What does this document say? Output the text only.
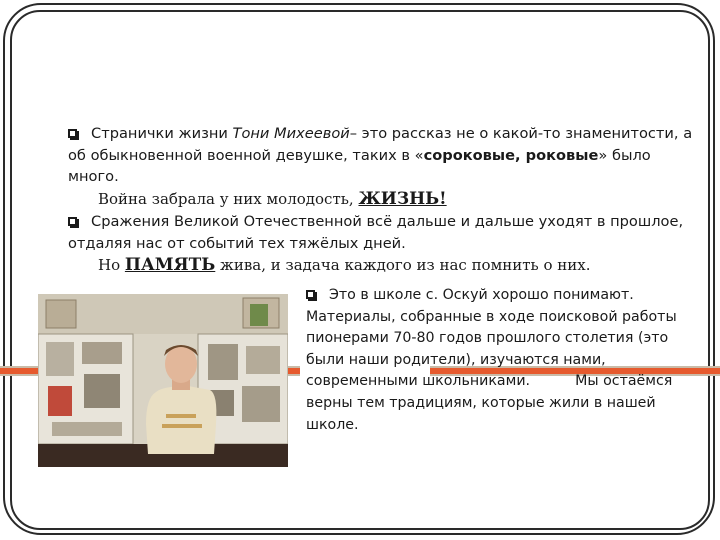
Странички жизни Тони Михеевой– это рассказ не о какой-то знаменитости, а об обыкновенной военной девушке, таких в «сороковые, роковые» было много.
Война забрала у них молодость, ЖИЗНЬ!
Сражения Великой Отечественной всё дальше и дальше уходят в прошлое, отдаляя нас от событий тех тяжёлых дней.
Но ПАМЯТЬ жива, и задача каждого из нас помнить о них.
Это в школе с. Оскуй хорошо понимают. Материалы, собранные в ходе поисковой работы пионерами 70-80 годов прошлого столетия (это были наши родители), изучаются нами, современными школьниками.          Мы остаёмся верны тем традициям, которые жили в нашей школе.
